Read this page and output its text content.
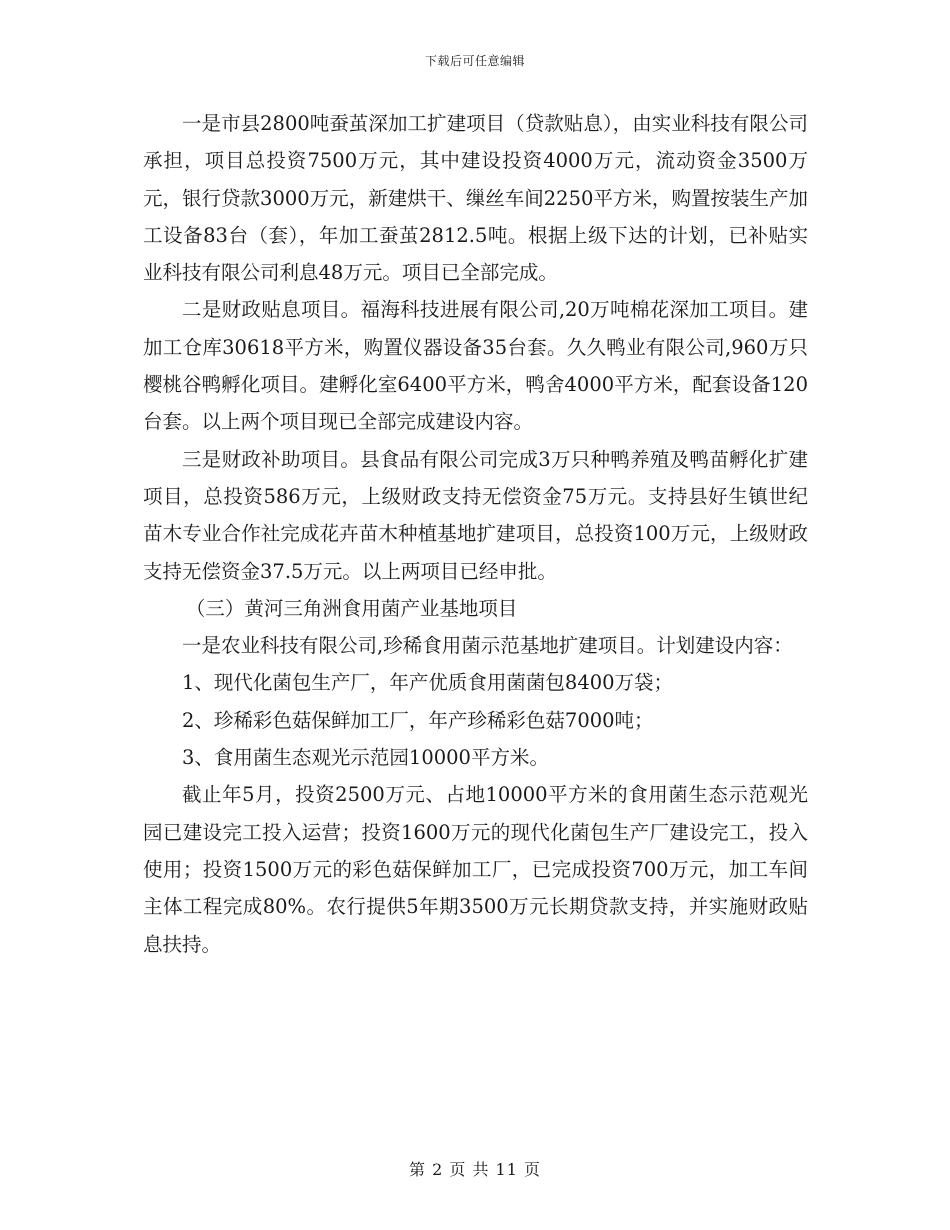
下载后可任意编辑

一是市县2800吨蚕茧深加工扩建项目（贷款贴息），由实业科技有限公司承担，项目总投资7500万元，其中建设投资4000万元，流动资金3500万元，银行贷款3000万元，新建烘干、缫丝车间2250平方米，购置按装生产加工设备83台（套），年加工蚕茧2812.5吨。根据上级下达的计划，已补贴实业科技有限公司利息48万元。项目已全部完成。

二是财政贴息项目。福海科技进展有限公司,20万吨棉花深加工项目。建加工仓库30618平方米，购置仪器设备35台套。久久鸭业有限公司,960万只樱桃谷鸭孵化项目。建孵化室6400平方米，鸭舍4000平方米，配套设备120台套。以上两个项目现已全部完成建设内容。

三是财政补助项目。县食品有限公司完成3万只种鸭养殖及鸭苗孵化扩建项目，总投资586万元，上级财政支持无偿资金75万元。支持县好生镇世纪苗木专业合作社完成花卉苗木种植基地扩建项目，总投资100万元，上级财政支持无偿资金37.5万元。以上两项目已经申批。

（三）黄河三角洲食用菌产业基地项目

一是农业科技有限公司,珍稀食用菌示范基地扩建项目。计划建设内容：

1、现代化菌包生产厂，年产优质食用菌菌包8400万袋；

2、珍稀彩色菇保鲜加工厂，年产珍稀彩色菇7000吨；

3、食用菌生态观光示范园10000平方米。

截止年5月，投资2500万元、占地10000平方米的食用菌生态示范观光园已建设完工投入运营；投资1600万元的现代化菌包生产厂建设完工，投入使用；投资1500万元的彩色菇保鲜加工厂，已完成投资700万元，加工车间主体工程完成80%。农行提供5年期3500万元长期贷款支持，并实施财政贴息扶持。

第 2 页 共 11 页
